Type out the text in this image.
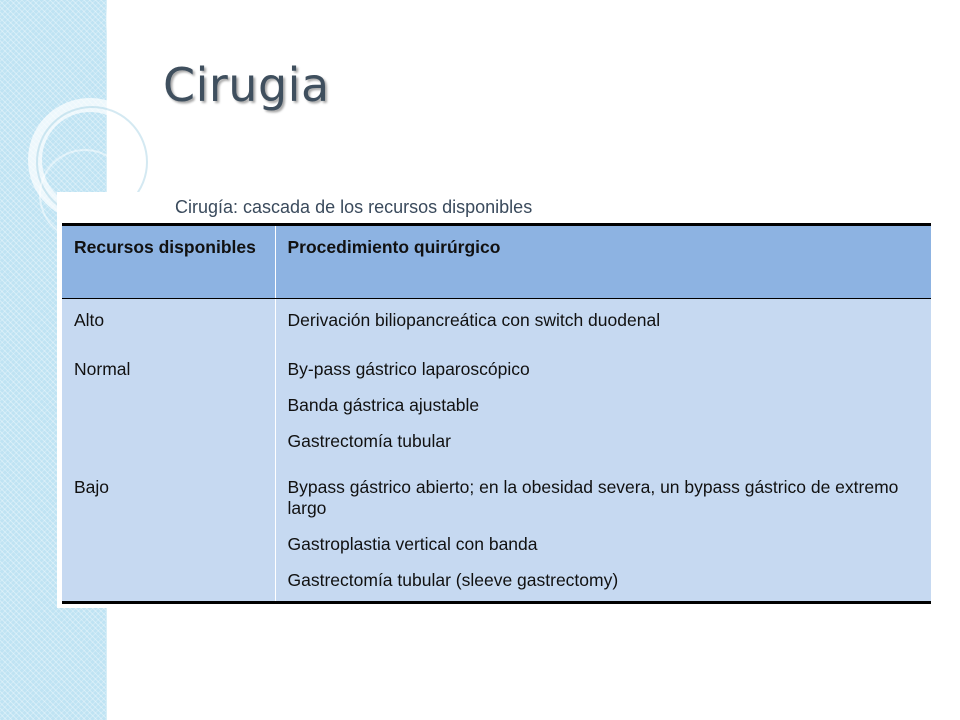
Cirugia
Cirugía: cascada de los recursos disponibles
Recursos disponibles	Procedimiento quirúrgico
Alto	Derivación biliopancreática con switch duodenal
Normal	By-pass gástrico laparoscópico
	Banda gástrica ajustable
	Gastrectomía tubular
Bajo	Bypass gástrico abierto; en la obesidad severa, un bypass gástrico de extremo largo
	Gastroplastia vertical con banda
	Gastrectomía tubular (sleeve gastrectomy)
